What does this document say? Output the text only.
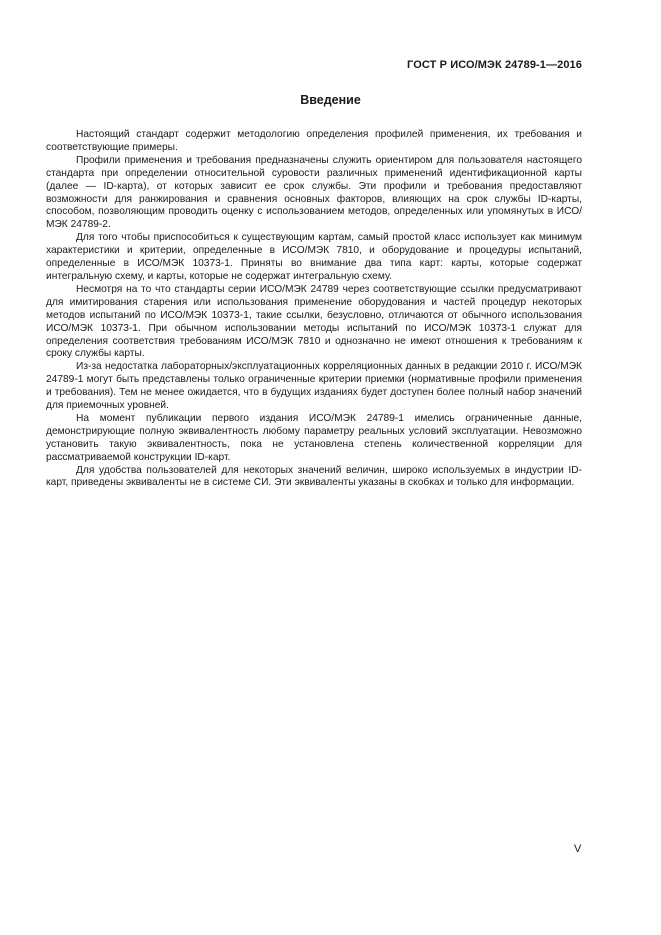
ГОСТ Р ИСО/МЭК 24789-1—2016
Введение

Настоящий стандарт содержит методологию определения профилей применения, их требования и соответствующие примеры.

Профили применения и требования предназначены служить ориентиром для пользователя настоящего стандарта при определении относительной суровости различных применений идентификационной карты (далее — ID-карта), от которых зависит ее срок службы. Эти профили и требования предоставляют возможности для ранжирования и сравнения основных факторов, влияющих на срок службы ID-карты, способом, позволяющим проводить оценку с использованием методов, определенных или упомянутых в ИСО/МЭК 24789-2.

Для того чтобы приспособиться к существующим картам, самый простой класс использует как минимум характеристики и критерии, определенные в ИСО/МЭК 7810, и оборудование и процедуры испытаний, определенные в ИСО/МЭК 10373-1. Приняты во внимание два типа карт: карты, которые содержат интегральную схему, и карты, которые не содержат интегральную схему.

Несмотря на то что стандарты серии ИСО/МЭК 24789 через соответствующие ссылки предусматривают для имитирования старения или использования применение оборудования и частей процедур некоторых методов испытаний по ИСО/МЭК 10373-1, такие ссылки, безусловно, отличаются от обычного использования ИСО/МЭК 10373-1. При обычном использовании методы испытаний по ИСО/МЭК 10373-1 служат для определения соответствия требованиям ИСО/МЭК 7810 и однозначно не имеют отношения к требованиям к сроку службы карты.

Из-за недостатка лабораторных/эксплуатационных корреляционных данных в редакции 2010 г. ИСО/МЭК 24789-1 могут быть представлены только ограниченные критерии приемки (нормативные профили применения и требования). Тем не менее ожидается, что в будущих изданиях будет доступен более полный набор значений для приемочных уровней.

На момент публикации первого издания ИСО/МЭК 24789-1 имелись ограниченные данные, демонстрирующие полную эквивалентность любому параметру реальных условий эксплуатации. Невозможно установить такую эквивалентность, пока не установлена степень количественной корреляции для рассматриваемой конструкции ID-карт.

Для удобства пользователей для некоторых значений величин, широко используемых в индустрии ID-карт, приведены эквиваленты не в системе СИ. Эти эквиваленты указаны в скобках и только для информации.

V
